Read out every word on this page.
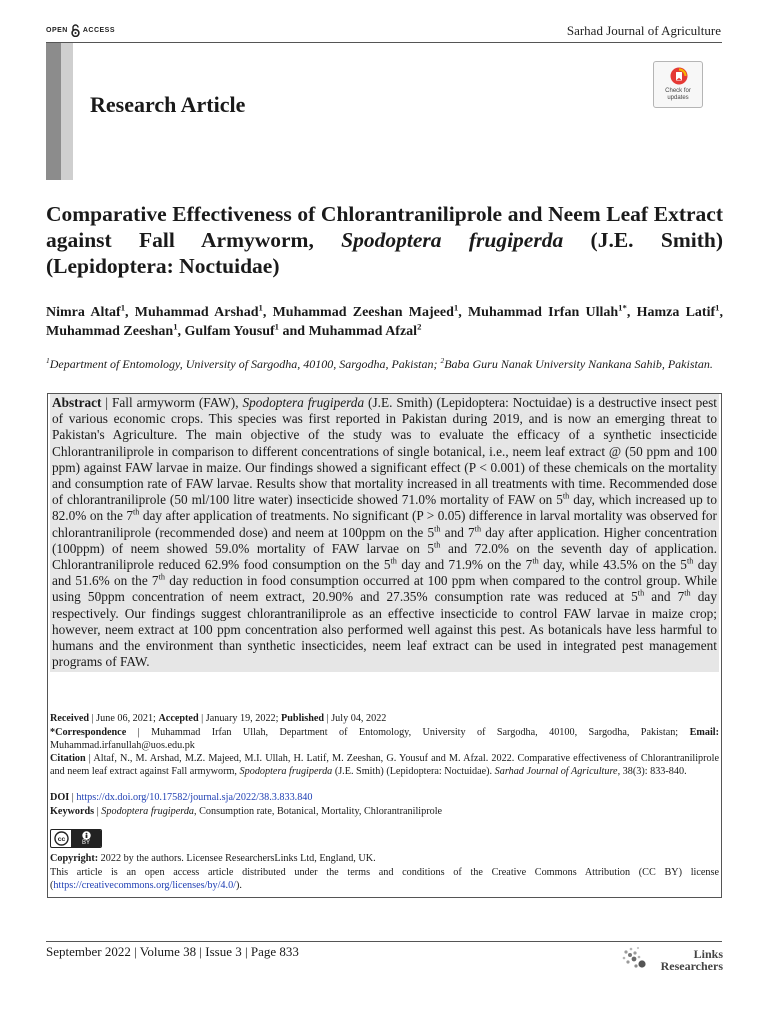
OPEN ACCESS	Sarhad Journal of Agriculture
Research Article
Check for updates
Comparative Effectiveness of Chlorantraniliprole and Neem Leaf Extract against Fall Armyworm, Spodoptera frugiperda (J.E. Smith) (Lepidoptera: Noctuidae)
Nimra Altaf$^1$, Muhammad Arshad$^1$, Muhammad Zeeshan Majeed$^1$, Muhammad Irfan Ullah$^{1*}$, Hamza Latif$^1$, Muhammad Zeeshan$^1$, Gulfam Yousuf$^1$ and Muhammad Afzal$^2$
$^1$Department of Entomology, University of Sargodha, 40100, Sargodha, Pakistan; $^2$Baba Guru Nanak University Nankana Sahib, Pakistan.
Abstract | Fall armyworm (FAW), Spodoptera frugiperda (J.E. Smith) (Lepidoptera: Noctuidae) is a destructive insect pest of various economic crops. This species was first reported in Pakistan during 2019, and is now an emerging threat to Pakistan's Agriculture. The main objective of the study was to evaluate the efficacy of a synthetic insecticide Chlorantraniliprole in comparison to different concentrations of single botanical, i.e., neem leaf extract @ (50 ppm and 100 ppm) against FAW larvae in maize. Our findings showed a significant effect (P < 0.001) of these chemicals on the mortality and consumption rate of FAW larvae. Results show that mortality increased in all treatments with time. Recommended dose of chlorantraniliprole (50 ml/100 litre water) insecticide showed 71.0% mortality of FAW on 5th day, which increased up to 82.0% on the 7th day after application of treatments. No significant (P > 0.05) difference in larval mortality was observed for chlorantraniliprole (recommended dose) and neem at 100ppm on the 5th and 7th day after application. Higher concentration (100ppm) of neem showed 59.0% mortality of FAW larvae on 5th and 72.0% on the seventh day of application. Chlorantraniliprole reduced 62.9% food consumption on the 5th day and 71.9% on the 7th day, while 43.5% on the 5th day and 51.6% on the 7th day reduction in food consumption occurred at 100 ppm when compared to the control group. While using 50ppm concentration of neem extract, 20.90% and 27.35% consumption rate was reduced at 5th and 7th day respectively. Our findings suggest chlorantraniliprole as an effective insecticide to control FAW larvae in maize crop; however, neem extract at 100 ppm concentration also performed well against this pest. As botanicals have less harmful to humans and the environment than synthetic insecticides, neem leaf extract can be used in integrated pest management programs of FAW.
Received | June 06, 2021; Accepted | January 19, 2022; Published | July 04, 2022
*Correspondence | Muhammad Irfan Ullah, Department of Entomology, University of Sargodha, 40100, Sargodha, Pakistan; Email: Muhammad.irfanullah@uos.edu.pk
Citation | Altaf, N., M. Arshad, M.Z. Majeed, M.I. Ullah, H. Latif, M. Zeeshan, G. Yousuf and M. Afzal. 2022. Comparative effectiveness of Chlorantraniliprole and neem leaf extract against Fall armyworm, Spodoptera frugiperda (J.E. Smith) (Lepidoptera: Noctuidae). Sarhad Journal of Agriculture, 38(3): 833-840.
DOI | https://dx.doi.org/10.17582/journal.sja/2022/38.3.833.840
Keywords | Spodoptera frugiperda, Consumption rate, Botanical, Mortality, Chlorantraniliprole
cc	BY
Copyright: 2022 by the authors. Licensee ResearchersLinks Ltd, England, UK.
This article is an open access article distributed under the terms and conditions of the Creative Commons Attribution (CC BY) license (https://creativecommons.org/licenses/by/4.0/).
September 2022 | Volume 38 | Issue 3 | Page 833	Links
Researchers
